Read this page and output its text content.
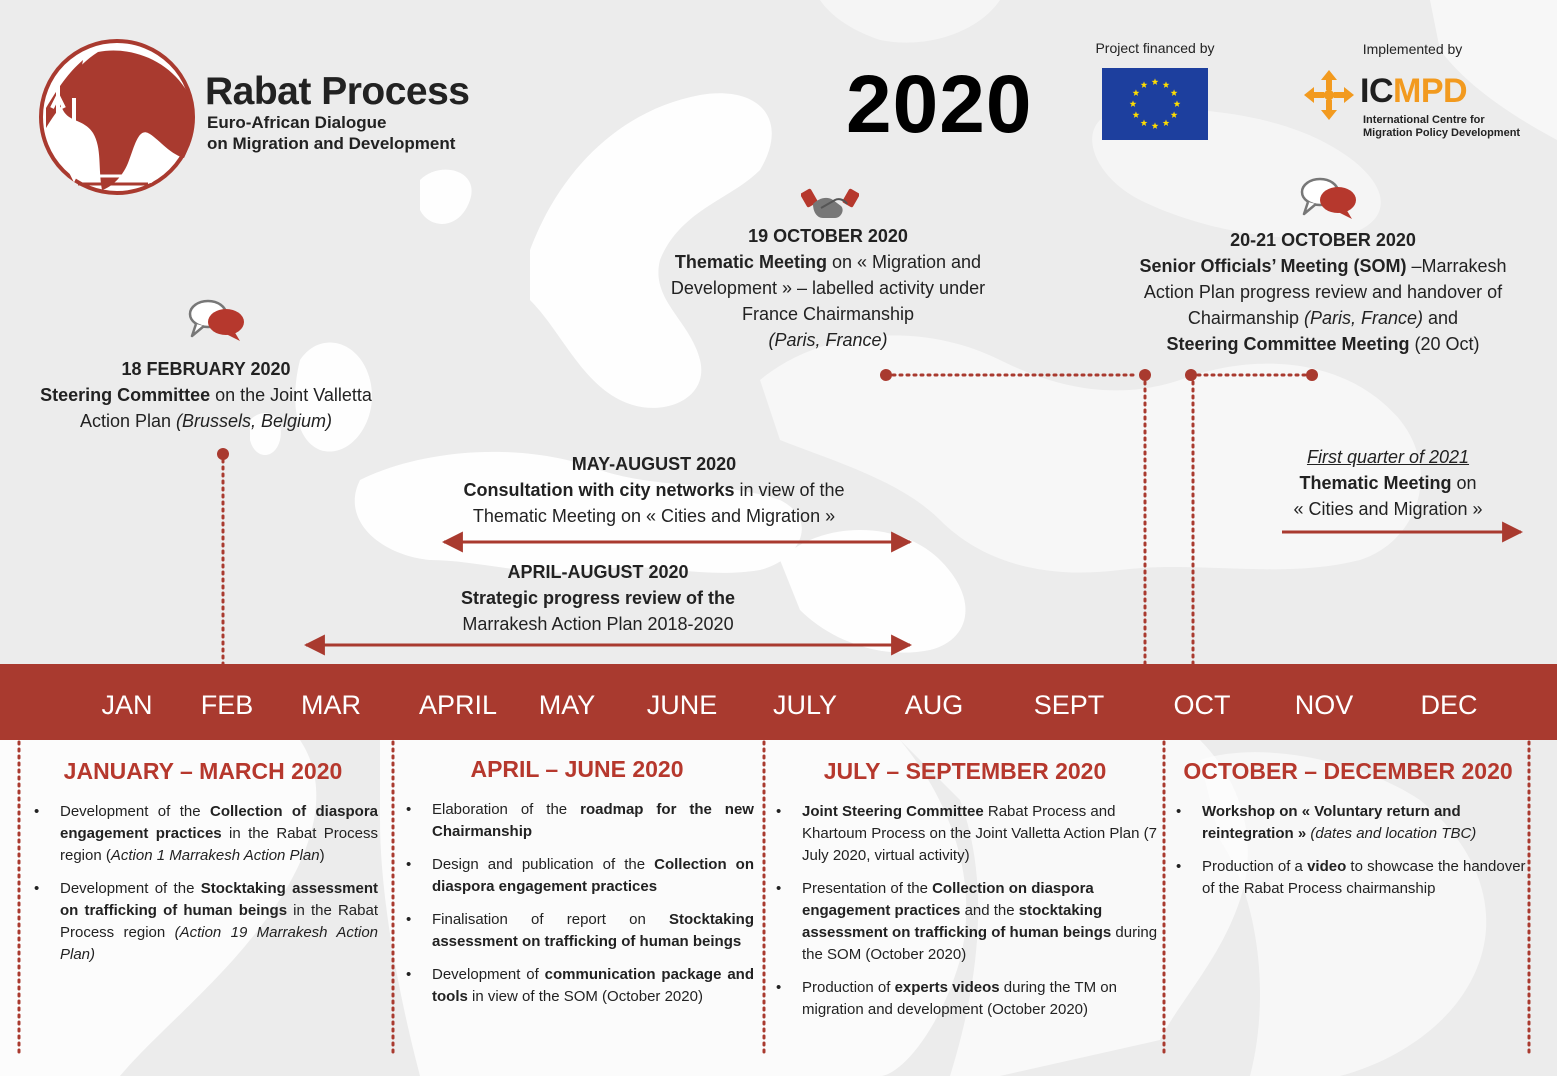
Rabat Process
Euro-African Dialogue
on Migration and Development	2020
Project financed by	Implemented by
ICMPD
International Centre for
Migration Policy Development
18 FEBRUARY 2020
Steering Committee on the Joint Valletta
Action Plan (Brussels, Belgium)
19 OCTOBER 2020
Thematic Meeting on « Migration and
Development » – labelled activity under
France Chairmanship
(Paris, France)
20-21 OCTOBER 2020
Senior Officials’ Meeting (SOM) –Marrakesh
Action Plan progress review and handover of
Chairmanship (Paris, France) and
Steering Committee Meeting (20 Oct)
MAY-AUGUST 2020
Consultation with city networks in view of the
Thematic Meeting on « Cities and Migration »
APRIL-AUGUST 2020
Strategic progress review of the
Marrakesh Action Plan 2018-2020
First quarter of 2021
Thematic Meeting on
« Cities and Migration »
JAN FEB MAR APRIL MAY JUNE JULY	AUG	SEPT	OCT NOV DEC
JANUARY – MARCH 2020
• Development of the Collection of diaspora engagement practices in the Rabat Process region (Action 1 Marrakesh Action Plan)
• Development of the Stocktaking assessment on trafficking of human beings in the Rabat Process region (Action 19 Marrakesh Action Plan)
APRIL – JUNE 2020
• Elaboration of the roadmap for the new Chairmanship
• Design and publication of the Collection on diaspora engagement practices
• Finalisation of report on Stocktaking assessment on trafficking of human beings
• Development of communication package and tools in view of the SOM (October 2020)
JULY – SEPTEMBER 2020
• Joint Steering Committee Rabat Process and Khartoum Process on the Joint Valletta Action Plan (7 July 2020, virtual activity)
• Presentation of the Collection on diaspora engagement practices and the stocktaking assessment on trafficking of human beings during the SOM (October 2020)
• Production of experts videos during the TM on migration and development (October 2020)
OCTOBER – DECEMBER 2020
• Workshop on « Voluntary return and reintegration » (dates and location TBC)
• Production of a video to showcase the handover of the Rabat Process chairmanship
